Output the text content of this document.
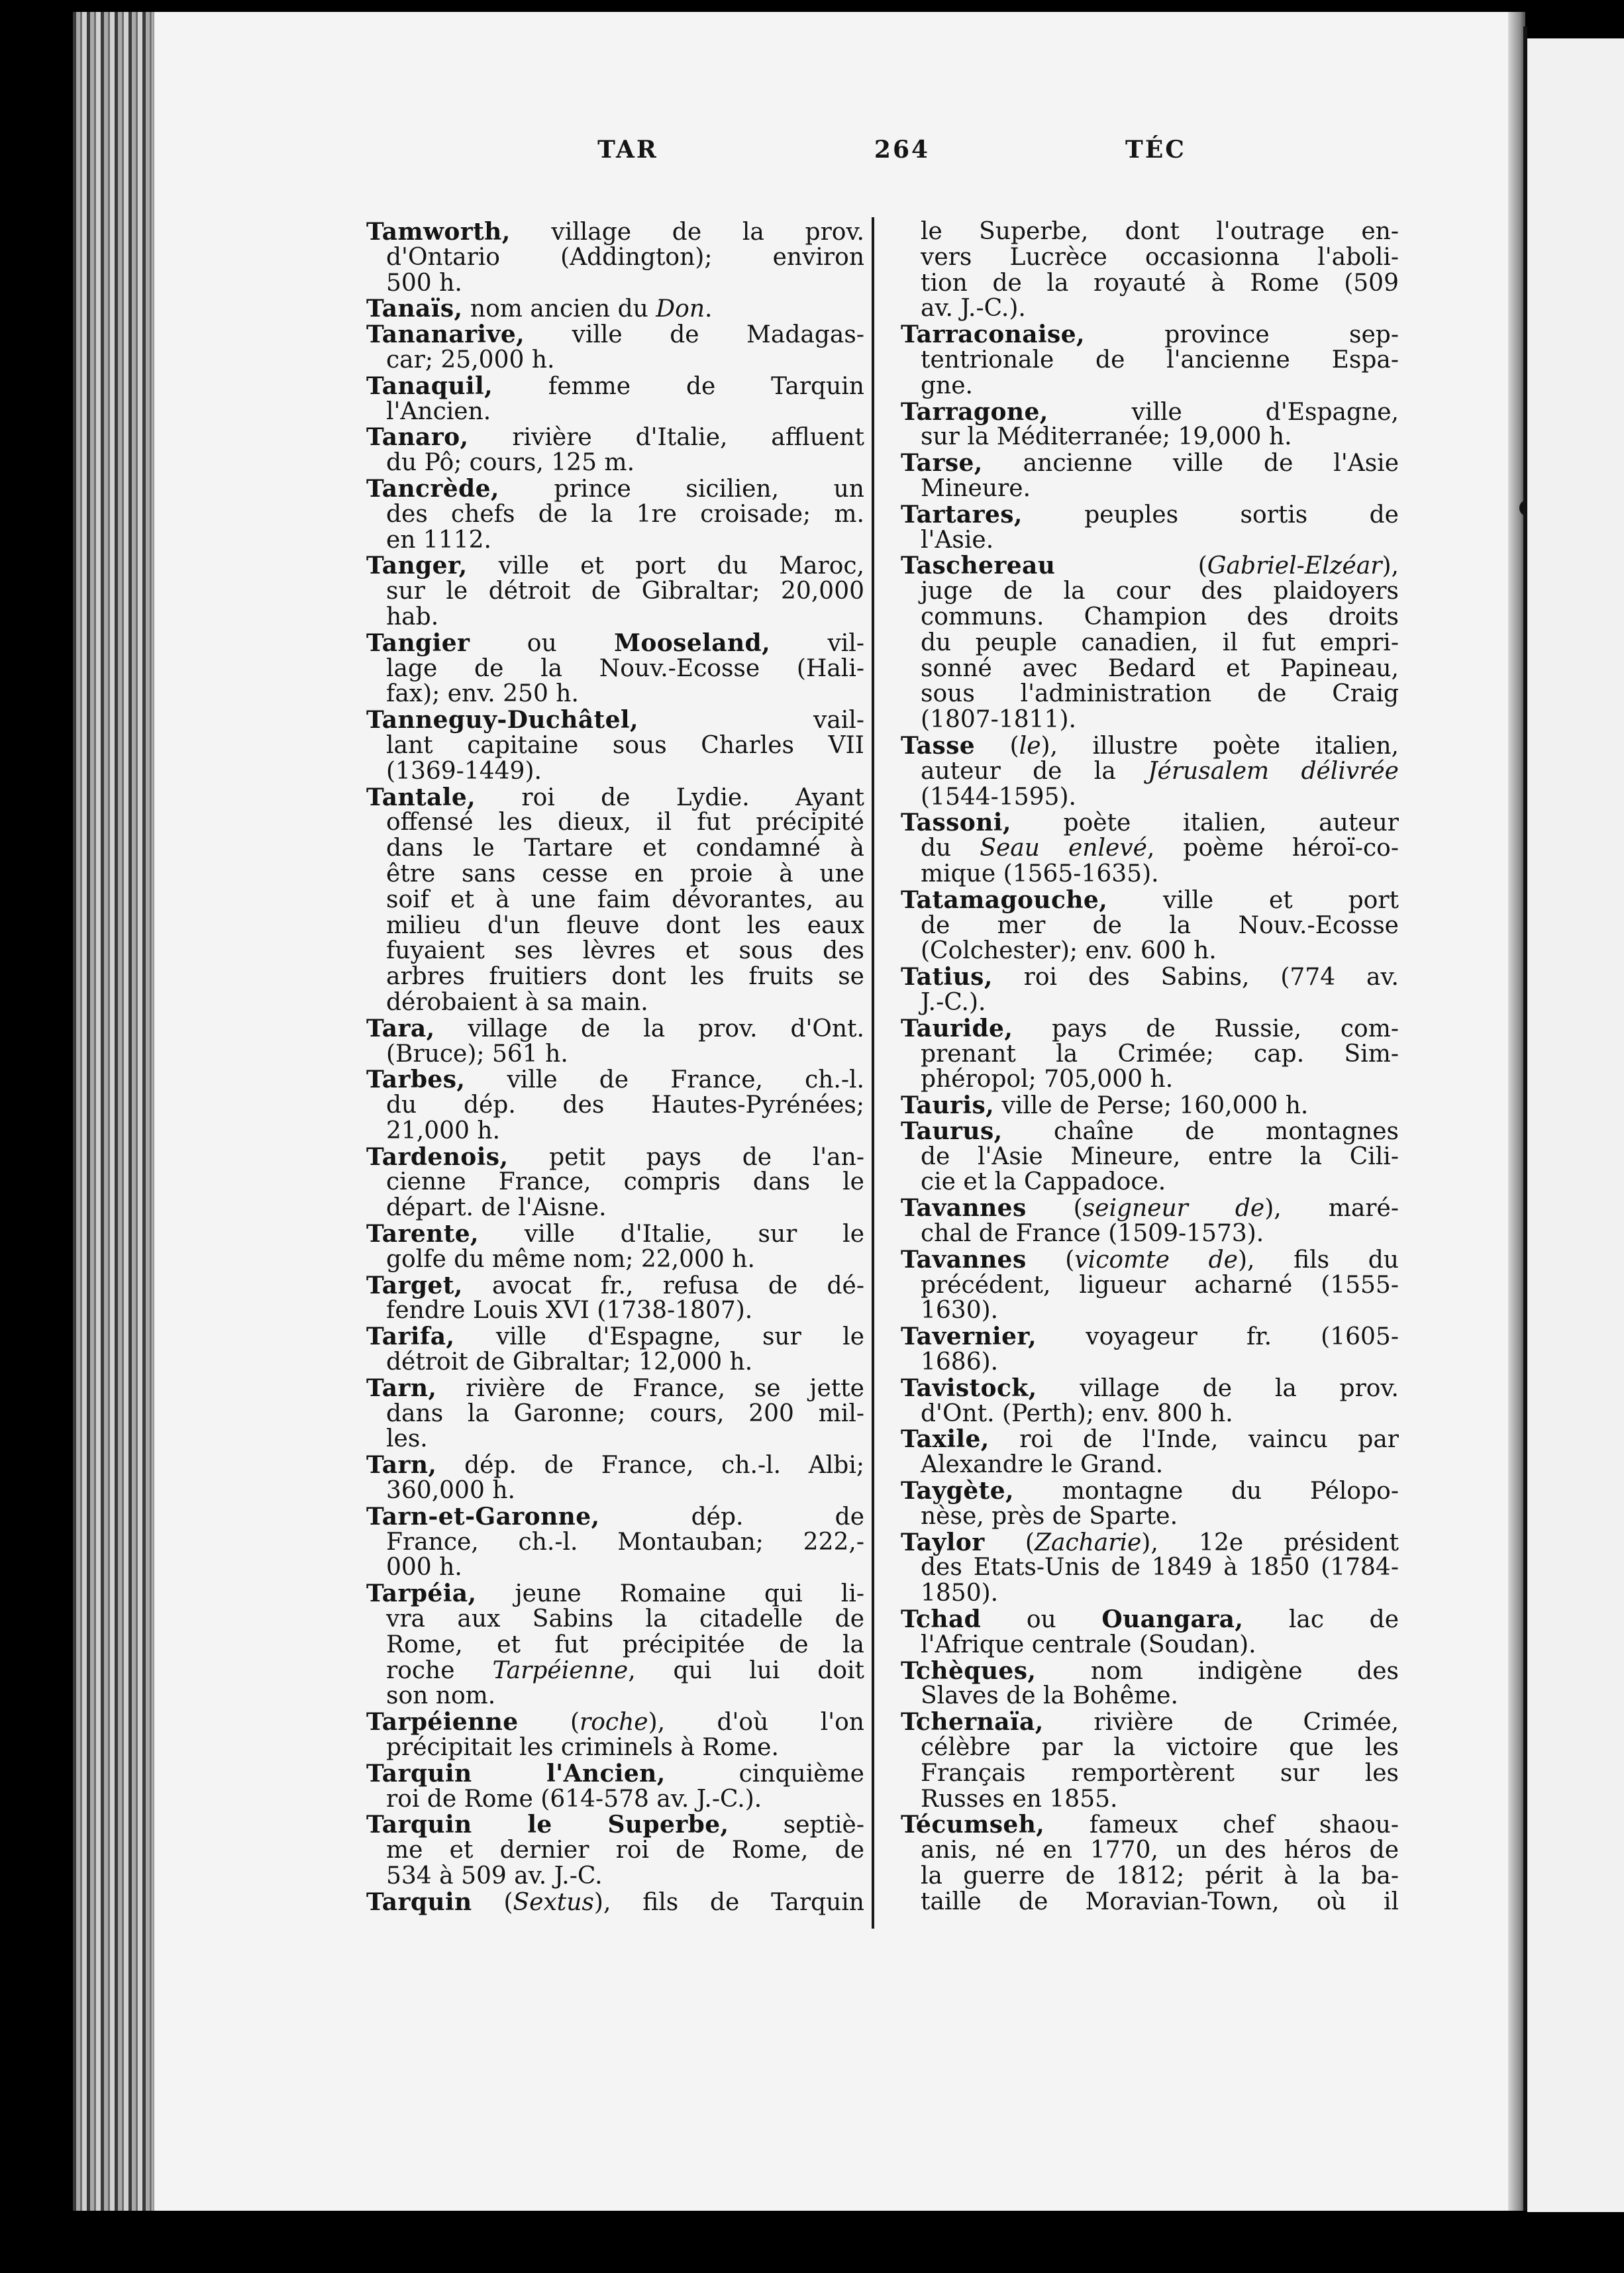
TAR	264	TÉC
Tamworth, village de la prov.
d'Ontario (Addington); environ
500 h.
Tanaïs, nom ancien du Don.
Tananarive, ville de Madagas-
car; 25,000 h.
Tanaquil, femme de Tarquin
l'Ancien.
Tanaro, rivière d'Italie, affluent
du Pô; cours, 125 m.
Tancrède, prince sicilien, un
des chefs de la 1re croisade; m.
en 1112.
Tanger, ville et port du Maroc,
sur le détroit de Gibraltar; 20,000
hab.
Tangier ou Mooseland, vil-
lage de la Nouv.-Ecosse (Hali-
fax); env. 250 h.
Tanneguy-Duchâtel, vail-
lant capitaine sous Charles VII
(1369-1449).
Tantale, roi de Lydie. Ayant
offensé les dieux, il fut précipité
dans le Tartare et condamné à
être sans cesse en proie à une
soif et à une faim dévorantes, au
milieu d'un fleuve dont les eaux
fuyaient ses lèvres et sous des
arbres fruitiers dont les fruits se
dérobaient à sa main.
Tara, village de la prov. d'Ont.
(Bruce); 561 h.
Tarbes, ville de France, ch.-l.
du dép. des Hautes-Pyrénées;
21,000 h.
Tardenois, petit pays de l'an-
cienne France, compris dans le
départ. de l'Aisne.
Tarente, ville d'Italie, sur le
golfe du même nom; 22,000 h.
Target, avocat fr., refusa de dé-
fendre Louis XVI (1738-1807).
Tarifa, ville d'Espagne, sur le
détroit de Gibraltar; 12,000 h.
Tarn, rivière de France, se jette
dans la Garonne; cours, 200 mil-
les.
Tarn, dép. de France, ch.-l. Albi;
360,000 h.
Tarn-et-Garonne, dép. de
France, ch.-l. Montauban; 222,-
000 h.
Tarpéia, jeune Romaine qui li-
vra aux Sabins la citadelle de
Rome, et fut précipitée de la
roche Tarpéienne, qui lui doit
son nom.
Tarpéienne (roche), d'où l'on
précipitait les criminels à Rome.
Tarquin l'Ancien, cinquième
roi de Rome (614-578 av. J.-C.).
Tarquin le Superbe, septiè-
me et dernier roi de Rome, de
534 à 509 av. J.-C.
Tarquin (Sextus), fils de Tarquin
le Superbe, dont l'outrage en-
vers Lucrèce occasionna l'aboli-
tion de la royauté à Rome (509
av. J.-C.).
Tarraconaise, province sep-
tentrionale de l'ancienne Espa-
gne.
Tarragone, ville d'Espagne,
sur la Méditerranée; 19,000 h.
Tarse, ancienne ville de l'Asie
Mineure.
Tartares, peuples sortis de
l'Asie.
Taschereau (Gabriel-Elzéar),
juge de la cour des plaidoyers
communs. Champion des droits
du peuple canadien, il fut empri-
sonné avec Bedard et Papineau,
sous l'administration de Craig
(1807-1811).
Tasse (le), illustre poète italien,
auteur de la Jérusalem délivrée
(1544-1595).
Tassoni, poète italien, auteur
du Seau enlevé, poème héroï-co-
mique (1565-1635).
Tatamagouche, ville et port
de mer de la Nouv.-Ecosse
(Colchester); env. 600 h.
Tatius, roi des Sabins, (774 av.
J.-C.).
Tauride, pays de Russie, com-
prenant la Crimée; cap. Sim-
phéropol; 705,000 h.
Tauris, ville de Perse; 160,000 h.
Taurus, chaîne de montagnes
de l'Asie Mineure, entre la Cili-
cie et la Cappadoce.
Tavannes (seigneur de), maré-
chal de France (1509-1573).
Tavannes (vicomte de), fils du
précédent, ligueur acharné (1555-
1630).
Tavernier, voyageur fr. (1605-
1686).
Tavistock, village de la prov.
d'Ont. (Perth); env. 800 h.
Taxile, roi de l'Inde, vaincu par
Alexandre le Grand.
Taygète, montagne du Pélopo-
nèse, près de Sparte.
Taylor (Zacharie), 12e président
des Etats-Unis de 1849 à 1850 (1784-
1850).
Tchad ou Ouangara, lac de
l'Afrique centrale (Soudan).
Tchèques, nom indigène des
Slaves de la Bohême.
Tchernaïa, rivière de Crimée,
célèbre par la victoire que les
Français remportèrent sur les
Russes en 1855.
Técumseh, fameux chef shaou-
anis, né en 1770, un des héros de
la guerre de 1812; périt à la ba-
taille de Moravian-Town, où il
